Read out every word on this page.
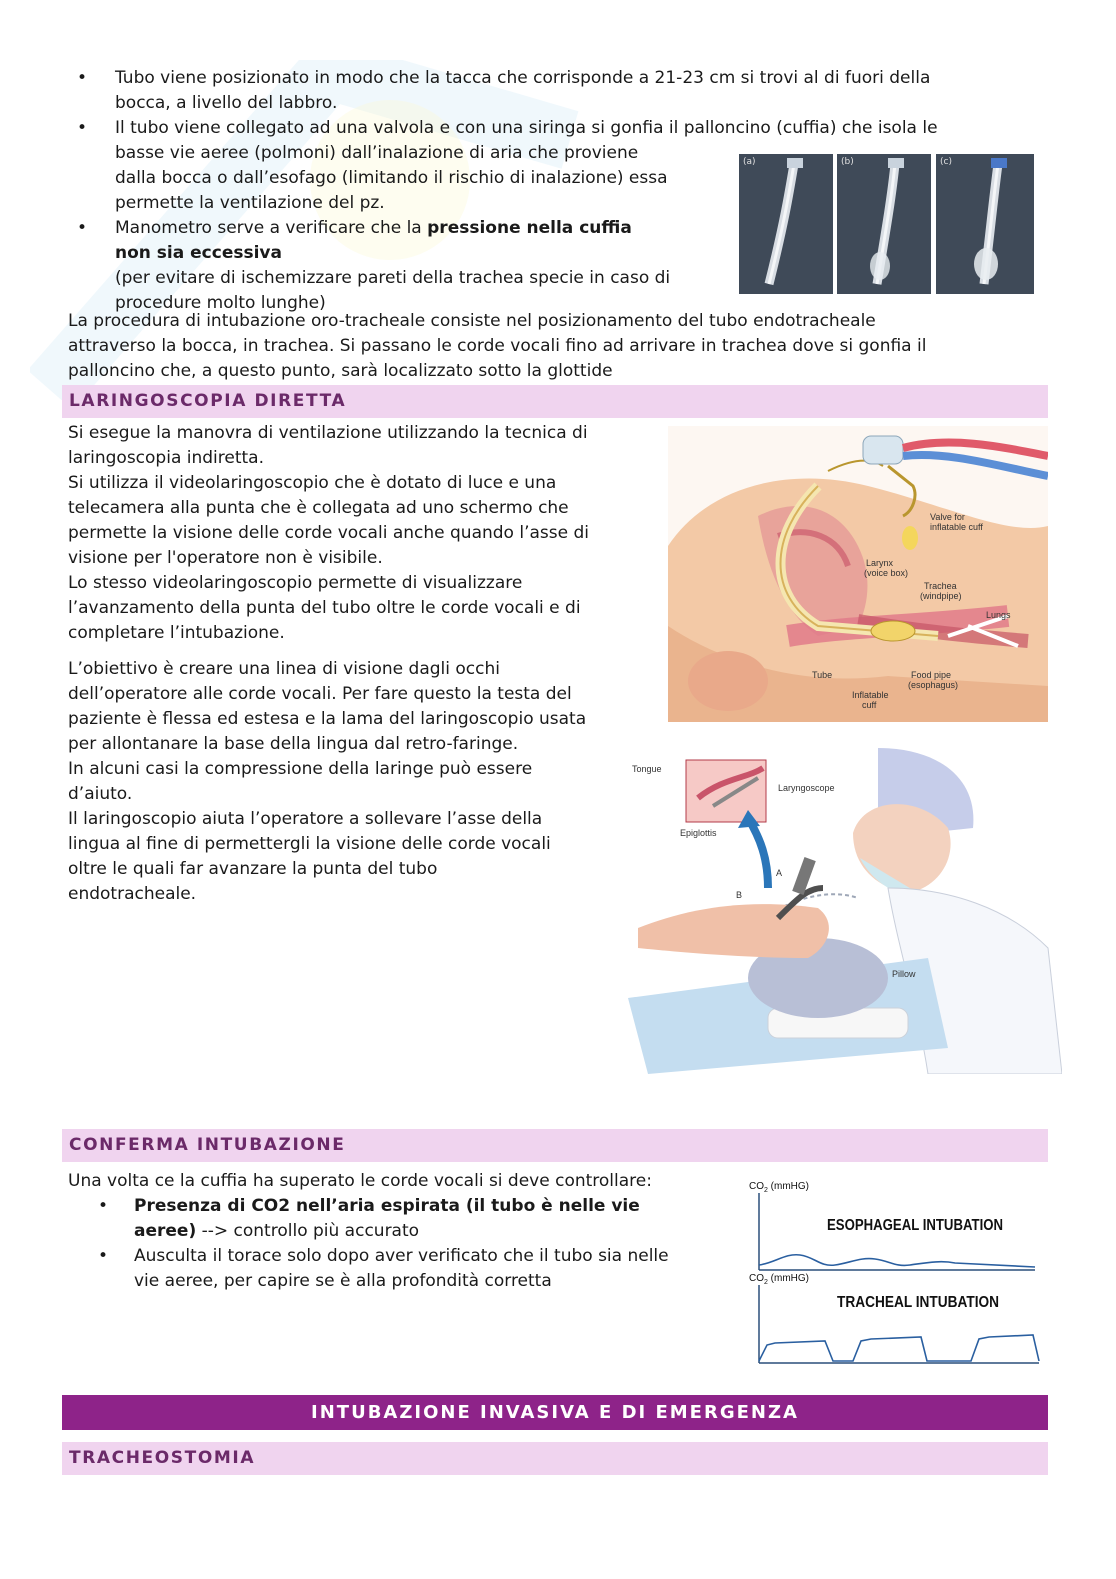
• Tubo viene posizionato in modo che la tacca che corrisponde a 21-23 cm si trovi al di fuori della
bocca, a livello del labbro.
• Il tubo viene collegato ad una valvola e con una siringa si gonfia il palloncino (cuffia) che isola le
basse vie aeree (polmoni) dall’inalazione di aria che proviene
dalla bocca o dall’esofago (limitando il rischio di inalazione) essa
permette la ventilazione del pz.
• Manometro serve a verificare che la pressione nella cuffia
non sia eccessiva
(per evitare di ischemizzare pareti della trachea specie in caso di
procedure molto lunghe)
(a)	(b)	(c)
La procedura di intubazione oro-tracheale consiste nel posizionamento del tubo endotracheale
attraverso la bocca, in trachea. Si passano le corde vocali fino ad arrivare in trachea dove si gonfia il
palloncino che, a questo punto, sarà localizzato sotto la glottide
LARINGOSCOPIA DIRETTA
Si esegue la manovra di ventilazione utilizzando la tecnica di
laringoscopia indiretta.
Si utilizza il videolaringoscopio che è dotato di luce e una
telecamera alla punta che è collegata ad uno schermo che
permette la visione delle corde vocali anche quando l’asse di
visione per l'operatore non è visibile.
Lo stesso videolaringoscopio permette di visualizzare
l’avanzamento della punta del tubo oltre le corde vocali e di
completare l’intubazione.
L’obiettivo è creare una linea di visione dagli occhi
dell’operatore alle corde vocali. Per fare questo la testa del
paziente è flessa ed estesa e la lama del laringoscopio usata
per allontanare la base della lingua dal retro-faringe.
In alcuni casi la compressione della laringe può essere
d’aiuto.
Il laringoscopio aiuta l’operatore a sollevare l’asse della
lingua al fine di permettergli la visione delle corde vocali
oltre le quali far avanzare la punta del tubo
endotracheale.
Valve for
inflatable cuff
Larynx
(voice box)
Trachea
(windpipe)
Lungs
Tube	Food pipe
(esophagus)
Inflatable
cuff
Tongue
Laryngoscope
Epiglottis
A
B
Pillow
CONFERMA INTUBAZIONE
Una volta ce la cuffia ha superato le corde vocali si deve controllare:
• Presenza di CO2 nell’aria espirata (il tubo è nelle vie
aeree) --> controllo più accurato
• Ausculta il torace solo dopo aver verificato che il tubo sia nelle
vie aeree, per capire se è alla profondità corretta
$CO_2$ (mmHG)
ESOPHAGEAL INTUBATION
$CO_2$ (mmHG)
TRACHEAL INTUBATION
INTUBAZIONE INVASIVA E DI EMERGENZA
TRACHEOSTOMIA
